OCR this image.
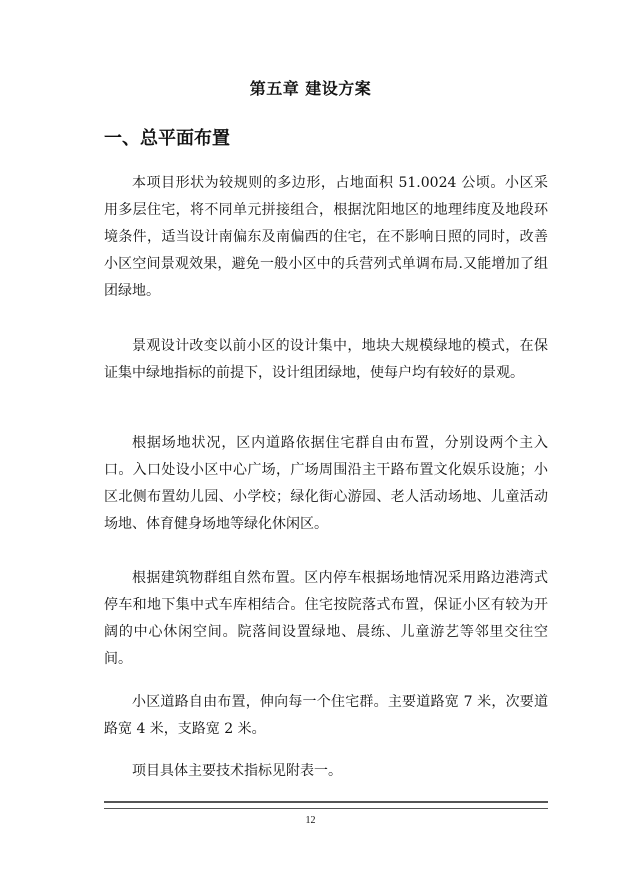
第五章 建设方案
一、总平面布置

本项目形状为较规则的多边形，占地面积 51.0024 公顷。小区采用多层住宅，将不同单元拼接组合，根据沈阳地区的地理纬度及地段环境条件，适当设计南偏东及南偏西的住宅，在不影响日照的同时，改善小区空间景观效果，避免一般小区中的兵营列式单调布局.又能增加了组团绿地。

景观设计改变以前小区的设计集中，地块大规模绿地的模式，在保证集中绿地指标的前提下，设计组团绿地，使每户均有较好的景观。

根据场地状况，区内道路依据住宅群自由布置，分别设两个主入口。入口处设小区中心广场，广场周围沿主干路布置文化娱乐设施；小区北侧布置幼儿园、小学校；绿化街心游园、老人活动场地、儿童活动场地、体育健身场地等绿化休闲区。

根据建筑物群组自然布置。区内停车根据场地情况采用路边港湾式停车和地下集中式车库相结合。住宅按院落式布置，保证小区有较为开阔的中心休闲空间。院落间设置绿地、晨练、儿童游艺等邻里交往空间。

小区道路自由布置，伸向每一个住宅群。主要道路宽 7 米，次要道路宽 4 米，支路宽 2 米。

项目具体主要技术指标见附表一。

12
